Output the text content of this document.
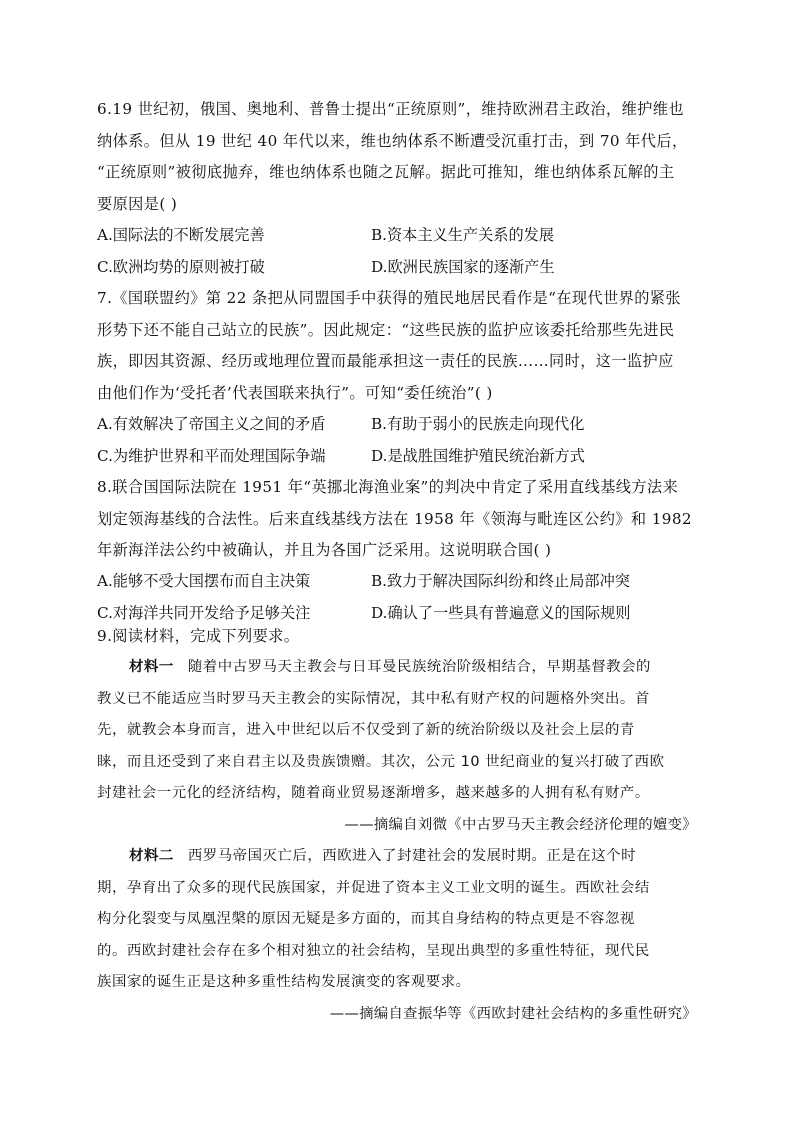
6.19 世纪初，俄国、奥地利、普鲁士提出“正统原则”，维持欧洲君主政治，维护维也
纳体系。但从 19 世纪 40 年代以来，维也纳体系不断遭受沉重打击，到 70 年代后，
“正统原则”被彻底抛弃，维也纳体系也随之瓦解。据此可推知，维也纳体系瓦解的主
要原因是( )
A.国际法的不断发展完善	B.资本主义生产关系的发展
C.欧洲均势的原则被打破	D.欧洲民族国家的逐渐产生
7.《国联盟约》第 22 条把从同盟国手中获得的殖民地居民看作是“在现代世界的紧张
形势下还不能自己站立的民族”。因此规定：“这些民族的监护应该委托给那些先进民
族，即因其资源、经历或地理位置而最能承担这一责任的民族……同时，这一监护应
由他们作为‘受托者’代表国联来执行”。可知“委任统治”( )
A.有效解决了帝国主义之间的矛盾	B.有助于弱小的民族走向现代化
C.为维护世界和平而处理国际争端	D.是战胜国维护殖民统治新方式
8.联合国国际法院在 1951 年“英挪北海渔业案”的判决中肯定了采用直线基线方法来
划定领海基线的合法性。后来直线基线方法在 1958 年《领海与毗连区公约》和 1982
年新海洋法公约中被确认，并且为各国广泛采用。这说明联合国( )
A.能够不受大国摆布而自主决策	B.致力于解决国际纠纷和终止局部冲突
C.对海洋共同开发给予足够关注	D.确认了一些具有普遍意义的国际规则
9.阅读材料，完成下列要求。
材料一 随着中古罗马天主教会与日耳曼民族统治阶级相结合，早期基督教会的
教义已不能适应当时罗马天主教会的实际情况，其中私有财产权的问题格外突出。首
先，就教会本身而言，进入中世纪以后不仅受到了新的统治阶级以及社会上层的青
睐，而且还受到了来自君主以及贵族馈赠。其次，公元 10 世纪商业的复兴打破了西欧
封建社会一元化的经济结构，随着商业贸易逐渐增多，越来越多的人拥有私有财产。
——摘编自刘微《中古罗马天主教会经济伦理的嬗变》
材料二 西罗马帝国灭亡后，西欧进入了封建社会的发展时期。正是在这个时
期，孕育出了众多的现代民族国家，并促进了资本主义工业文明的诞生。西欧社会结
构分化裂变与凤凰涅槃的原因无疑是多方面的，而其自身结构的特点更是不容忽视
的。西欧封建社会存在多个相对独立的社会结构，呈现出典型的多重性特征，现代民
族国家的诞生正是这种多重性结构发展演变的客观要求。
——摘编自查振华等《西欧封建社会结构的多重性研究》
